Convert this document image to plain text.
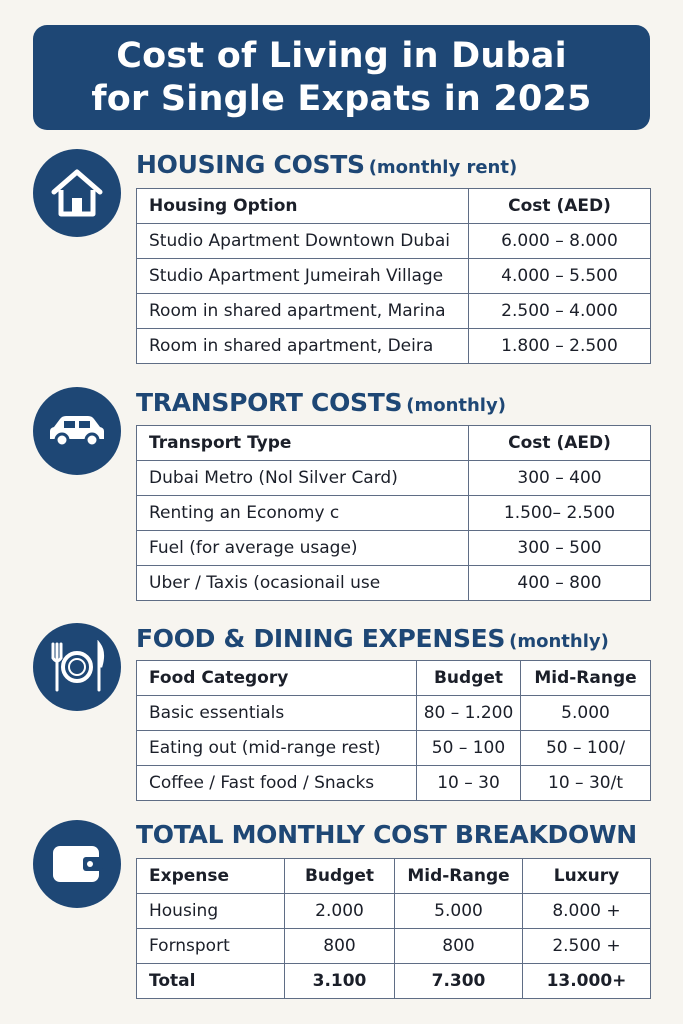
Cost of Living in Dubai
for Single Expats in 2025
HOUSING COSTS (monthly rent)
Housing Option	Cost (AED)
Studio Apartment Downtown Dubai	6.000 – 8.000
Studio Apartment Jumeirah Village	4.000 – 5.500
Room in shared apartment, Marina	2.500 – 4.000
Room in shared apartment, Deira	1.800 – 2.500
TRANSPORT COSTS (monthly)
Transport Type	Cost (AED)
Dubai Metro (Nol Silver Card)	300 – 400
Renting an Economy c	1.500– 2.500
Fuel (for average usage)	300 – 500
Uber / Taxis (ocasionail use	400 – 800
FOOD & DINING EXPENSES (monthly)
Food Category	Budget	Mid-Range
Basic essentials	80 – 1.200	5.000
Eating out (mid-range rest)	50 – 100	50 – 100/
Coffee / Fast food / Snacks	10 – 30	10 – 30/t
TOTAL MONTHLY COST BREAKDOWN
Expense	Budget	Mid-Range	Luxury
Housing	2.000	5.000	8.000 +
Fornsport	800	800	2.500 +
Total	3.100	7.300	13.000+
